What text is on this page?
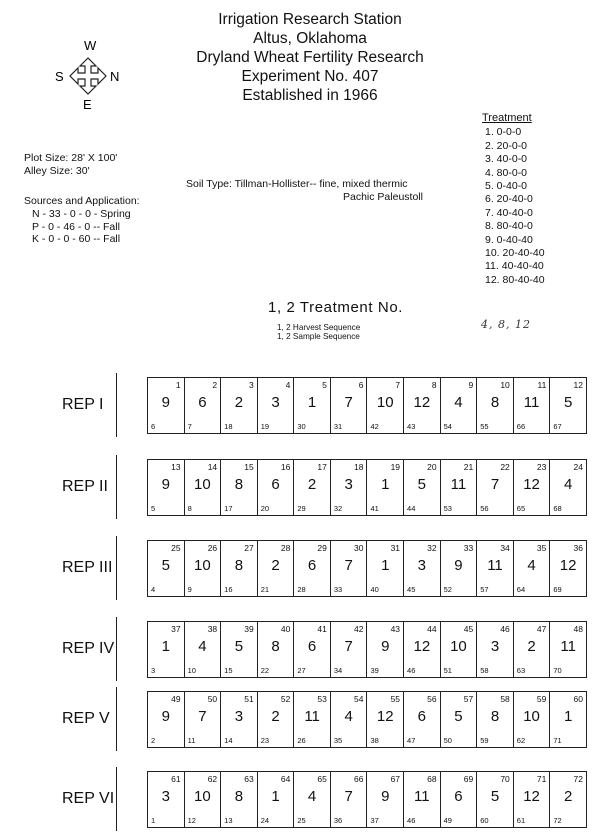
Irrigation Research Station
Altus, Oklahoma
Dryland Wheat Fertility Research
Experiment No. 407
Established in 1966
W
N
E
S
Treatment
1. 0-0-0
2. 20-0-0
3. 40-0-0
4. 80-0-0
5. 0-40-0
6. 20-40-0
7. 40-40-0
8. 80-40-0
9. 0-40-40
10. 20-40-40
11. 40-40-40
12. 80-40-40
Plot Size: 28' X 100'
Alley Size: 30'
Sources and Application:
N - 33 - 0 - 0 - Spring
P - 0 - 46 - 0 -- Fall
K - 0 - 0 - 60 -- Fall
Soil Type: Tillman-Hollister-- fine, mixed thermic
Pachic Paleustoll
1, 2 Treatment No.
1, 2 Harvest Sequence
1, 2 Sample Sequence
4, 8, 12
REP I
1
9
6
2
6
7
3
2
18
4
3
19
5
1
30
6
7
31
7
10
42
8
12
43
9
4
54
10
8
55
11
11
66
12
5
67
REP II
13
9
5
14
10
8
15
8
17
16
6
20
17
2
29
18
3
32
19
1
41
20
5
44
21
11
53
22
7
56
23
12
65
24
4
68
REP III
25
5
4
26
10
9
27
8
16
28
2
21
29
6
28
30
7
33
31
1
40
32
3
45
33
9
52
34
11
57
35
4
64
36
12
69
REP IV
37
1
3
38
4
10
39
5
15
40
8
22
41
6
27
42
7
34
43
9
39
44
12
46
45
10
51
46
3
58
47
2
63
48
11
70
REP V
49
9
2
50
7
11
51
3
14
52
2
23
53
11
26
54
4
35
55
12
38
56
6
47
57
5
50
58
8
59
59
10
62
60
1
71
REP VI
61
3
1
62
10
12
63
8
13
64
1
24
65
4
25
66
7
36
67
9
37
68
11
46
69
6
49
70
5
60
71
12
61
72
2
72
